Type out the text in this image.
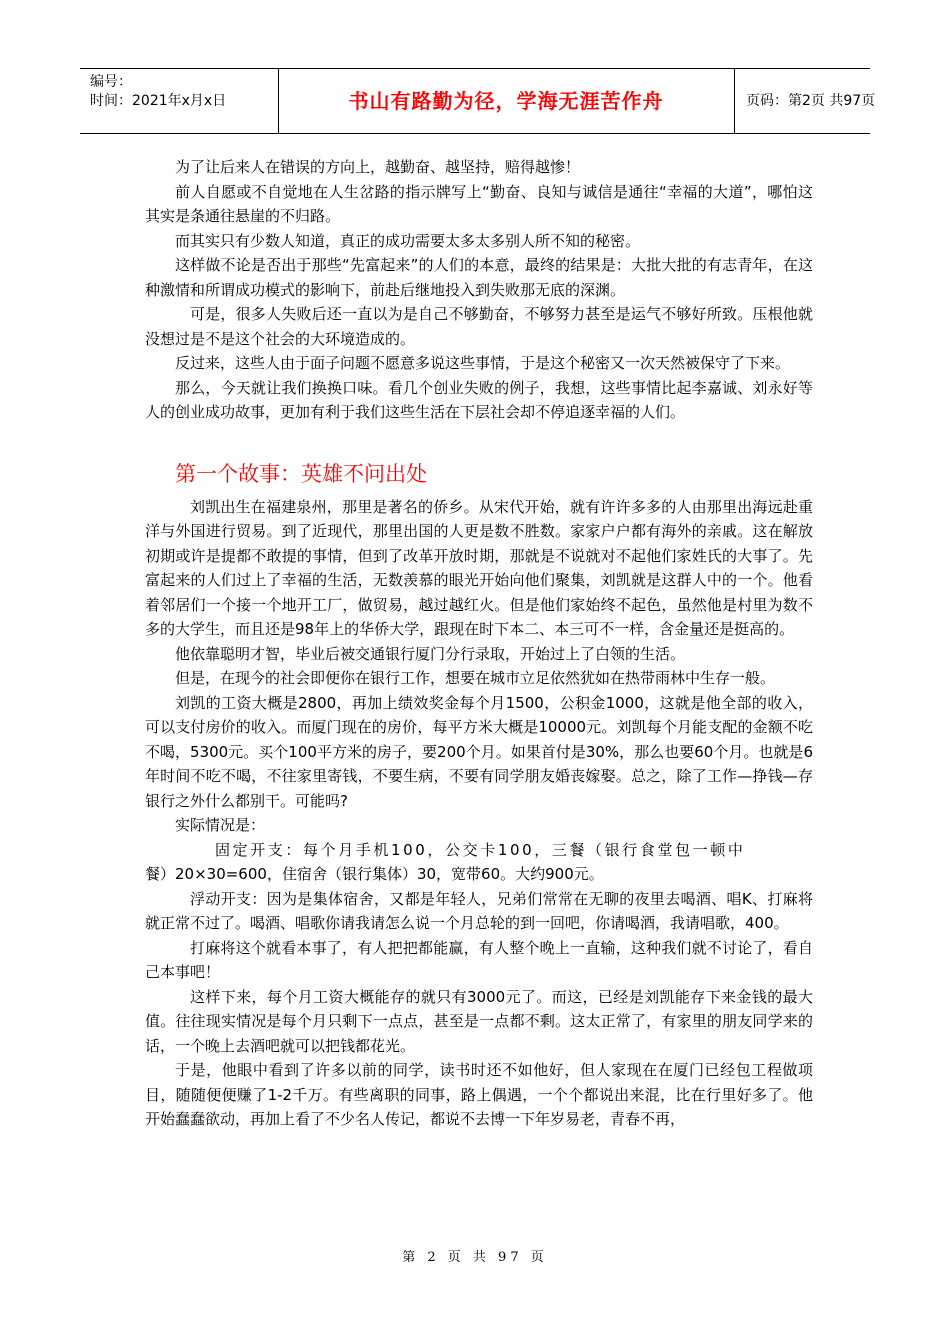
编号：
时间：2021年x月x日	书山有路勤为径，学海无涯苦作舟	页码：第2页 共97页

为了让后来人在错误的方向上，越勤奋、越坚持，赔得越惨！

前人自愿或不自觉地在人生岔路的指示牌写上“勤奋、良知与诚信是通往“幸福的大道”，哪怕这其实是条通往悬崖的不归路。

而其实只有少数人知道，真正的成功需要太多太多别人所不知的秘密。

这样做不论是否出于那些“先富起来”的人们的本意，最终的结果是：大批大批的有志青年，在这种激情和所谓成功模式的影响下，前赴后继地投入到失败那无底的深渊。

可是，很多人失败后还一直以为是自己不够勤奋，不够努力甚至是运气不够好所致。压根他就没想过是不是这个社会的大环境造成的。

反过来，这些人由于面子问题不愿意多说这些事情，于是这个秘密又一次天然被保守了下来。

那么，今天就让我们换换口味。看几个创业失败的例子，我想，这些事情比起李嘉诚、刘永好等人的创业成功故事，更加有利于我们这些生活在下层社会却不停追逐幸福的人们。

第一个故事：英雄不问出处

刘凯出生在福建泉州，那里是著名的侨乡。从宋代开始，就有许许多多的人由那里出海远赴重洋与外国进行贸易。到了近现代，那里出国的人更是数不胜数。家家户户都有海外的亲戚。这在解放初期或许是提都不敢提的事情，但到了改革开放时期，那就是不说就对不起他们家姓氏的大事了。先富起来的人们过上了幸福的生活，无数羡慕的眼光开始向他们聚集，刘凯就是这群人中的一个。他看着邻居们一个接一个地开工厂，做贸易，越过越红火。但是他们家始终不起色，虽然他是村里为数不多的大学生，而且还是98年上的华侨大学，跟现在时下本二、本三可不一样，含金量还是挺高的。

他依靠聪明才智，毕业后被交通银行厦门分行录取，开始过上了白领的生活。

但是，在现今的社会即便你在银行工作，想要在城市立足依然犹如在热带雨林中生存一般。

刘凯的工资大概是2800，再加上绩效奖金每个月1500，公积金1000，这就是他全部的收入，可以支付房价的收入。而厦门现在的房价，每平方米大概是10000元。刘凯每个月能支配的金额不吃不喝，5300元。买个100平方米的房子，要200个月。如果首付是30%，那么也要60个月。也就是6年时间不吃不喝，不往家里寄钱，不要生病，不要有同学朋友婚丧嫁娶。总之，除了工作—挣钱—存银行之外什么都别干。可能吗?

实际情况是：

固定开支：每个月手机100，公交卡100，三餐（银行食堂包一顿中

餐）20×30=600，住宿舍（银行集体）30，宽带60。大约900元。

浮动开支：因为是集体宿舍，又都是年轻人，兄弟们常常在无聊的夜里去喝酒、唱K、打麻将就正常不过了。喝酒、唱歌你请我请怎么说一个月总轮的到一回吧，你请喝酒，我请唱歌，400。

打麻将这个就看本事了，有人把把都能赢，有人整个晚上一直输，这种我们就不讨论了，看自己本事吧！

这样下来，每个月工资大概能存的就只有3000元了。而这，已经是刘凯能存下来金钱的最大值。往往现实情况是每个月只剩下一点点，甚至是一点都不剩。这太正常了，有家里的朋友同学来的话，一个晚上去酒吧就可以把钱都花光。

于是，他眼中看到了许多以前的同学，读书时还不如他好，但人家现在在厦门已经包工程做项目，随随便便赚了1-2千万。有些离职的同事，路上偶遇，一个个都说出来混，比在行里好多了。他开始蠢蠢欲动，再加上看了不少名人传记，都说不去博一下年岁易老，青春不再，

第 2 页 共 97 页
